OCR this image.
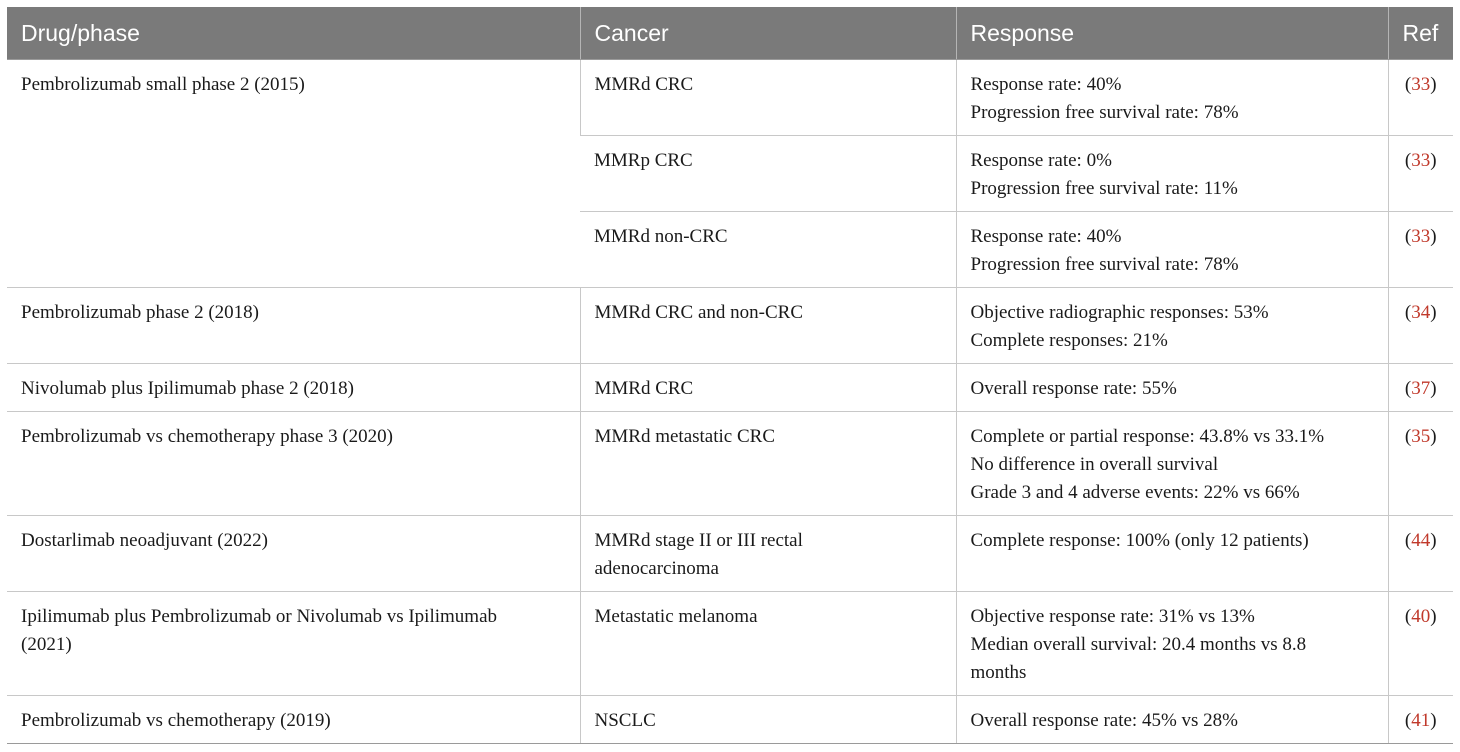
Drug/phase	Cancer	Response	Ref
Pembrolizumab small phase 2 (2015)	MMRd CRC	Response rate: 40%
Progression free survival rate: 78%	(33)
	MMRp CRC	Response rate: 0%
Progression free survival rate: 11%	(33)
	MMRd non-CRC	Response rate: 40%
Progression free survival rate: 78%	(33)
Pembrolizumab phase 2 (2018)	MMRd CRC and non-CRC	Objective radiographic responses: 53%
Complete responses: 21%	(34)
Nivolumab plus Ipilimumab phase 2 (2018)	MMRd CRC	Overall response rate: 55%	(37)
Pembrolizumab vs chemotherapy phase 3 (2020)	MMRd metastatic CRC	Complete or partial response: 43.8% vs 33.1%
No difference in overall survival
Grade 3 and 4 adverse events: 22% vs 66%	(35)
Dostarlimab neoadjuvant (2022)	MMRd stage II or III rectal
adenocarcinoma	Complete response: 100% (only 12 patients)	(44)

Ipilimumab plus Pembrolizumab or Nivolumab vs Ipilimumab
(2021)	Metastatic melanoma	Objective response rate: 31% vs 13%
Median overall survival: 20.4 months vs 8.8
months	(40)
Pembrolizumab vs chemotherapy (2019)	NSCLC	Overall response rate: 45% vs 28%	(41)
